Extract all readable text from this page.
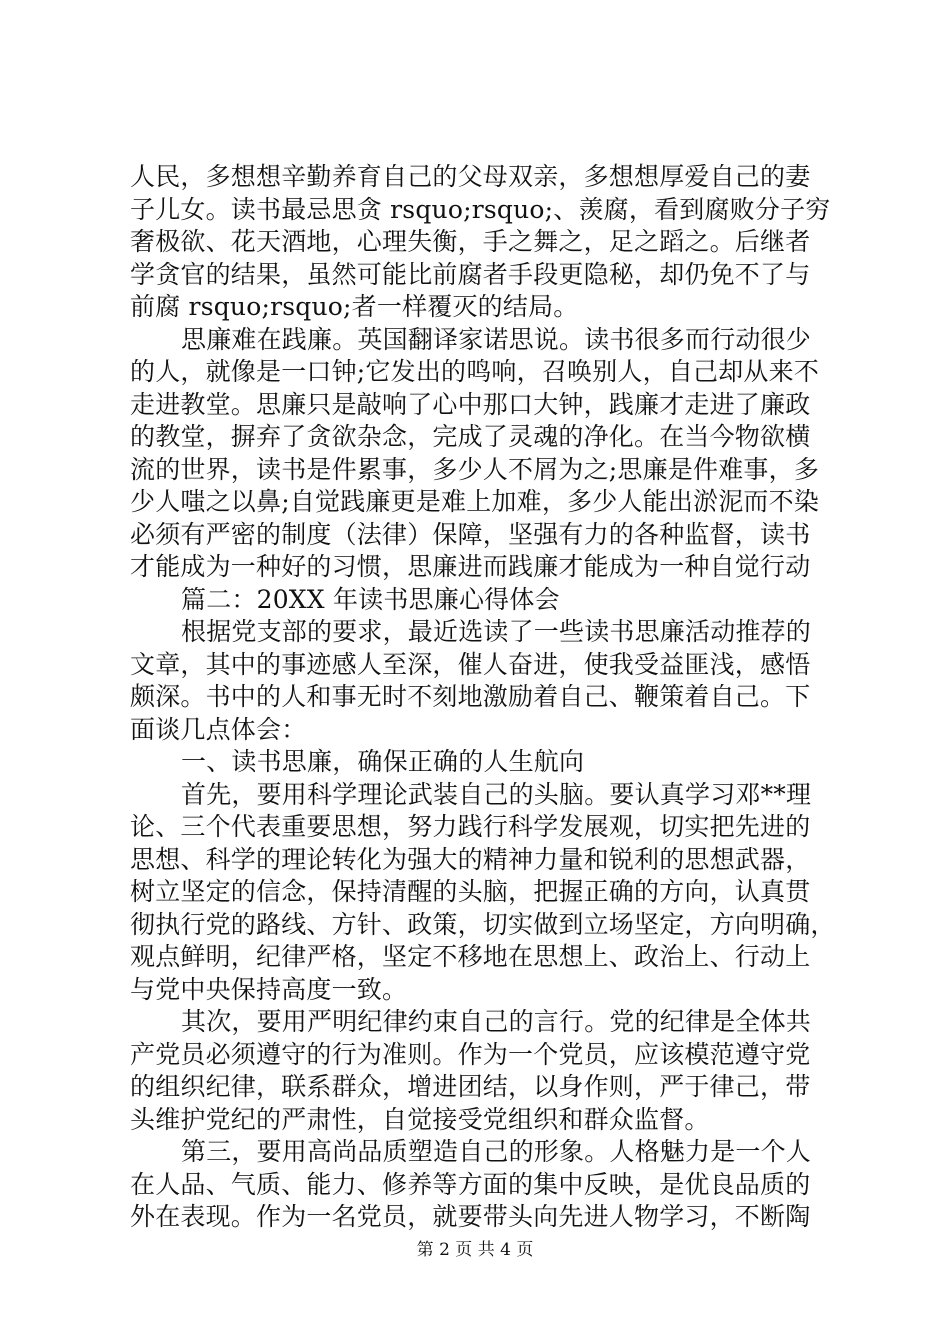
人民，多想想辛勤养育自己的父母双亲，多想想厚爱自己的妻
子儿女。读书最忌思贪 rsquo;rsquo;、羡腐，看到腐败分子穷
奢极欲、花天酒地，心理失衡，手之舞之，足之蹈之。后继者
学贪官的结果，虽然可能比前腐者手段更隐秘，却仍免不了与
前腐 rsquo;rsquo;者一样覆灭的结局。
思廉难在践廉。英国翻译家诺思说。读书很多而行动很少
的人，就像是一口钟;它发出的鸣响，召唤别人，自己却从来不
走进教堂。思廉只是敲响了心中那口大钟，践廉才走进了廉政
的教堂，摒弃了贪欲杂念，完成了灵魂的净化。在当今物欲横
流的世界，读书是件累事，多少人不屑为之;思廉是件难事，多
少人嗤之以鼻;自觉践廉更是难上加难，多少人能出淤泥而不染
必须有严密的制度（法律）保障，坚强有力的各种监督，读书
才能成为一种好的习惯，思廉进而践廉才能成为一种自觉行动
篇二：20XX 年读书思廉心得体会
根据党支部的要求，最近选读了一些读书思廉活动推荐的
文章，其中的事迹感人至深，催人奋进，使我受益匪浅，感悟
颇深。书中的人和事无时不刻地激励着自己、鞭策着自己。下
面谈几点体会：
一、读书思廉，确保正确的人生航向
首先，要用科学理论武装自己的头脑。要认真学习邓**理
论、三个代表重要思想，努力践行科学发展观，切实把先进的
思想、科学的理论转化为强大的精神力量和锐利的思想武器，
树立坚定的信念，保持清醒的头脑，把握正确的方向，认真贯
彻执行党的路线、方针、政策，切实做到立场坚定，方向明确，
观点鲜明，纪律严格，坚定不移地在思想上、政治上、行动上
与党中央保持高度一致。
其次，要用严明纪律约束自己的言行。党的纪律是全体共
产党员必须遵守的行为准则。作为一个党员，应该模范遵守党
的组织纪律，联系群众，增进团结，以身作则，严于律己，带
头维护党纪的严肃性，自觉接受党组织和群众监督。
第三，要用高尚品质塑造自己的形象。人格魅力是一个人
在人品、气质、能力、修养等方面的集中反映，是优良品质的
外在表现。作为一名党员，就要带头向先进人物学习，不断陶
第 2 页 共 4 页
